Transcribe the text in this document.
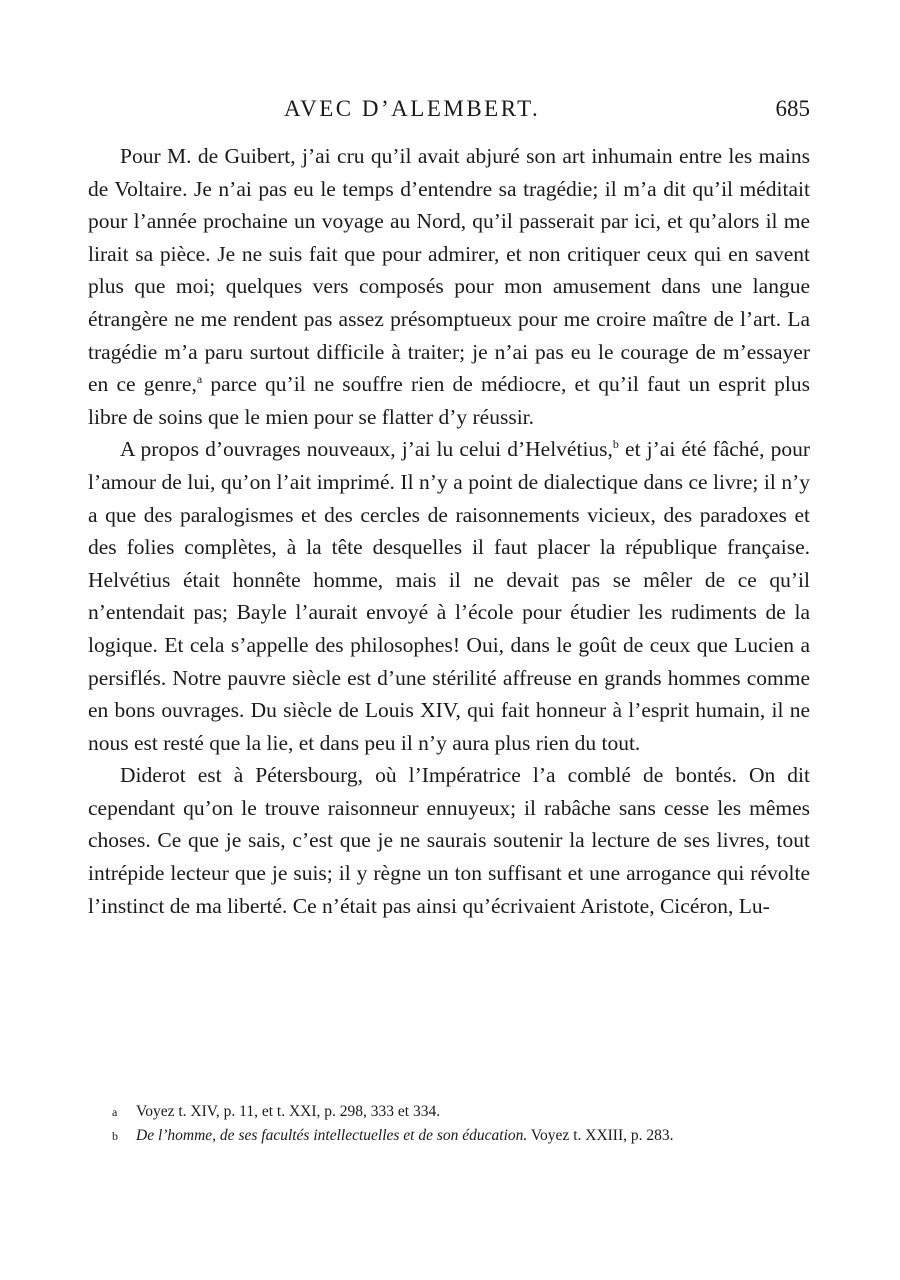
AVEC D’ALEMBERT.	685

Pour M. de Guibert, j’ai cru qu’il avait abjuré son art inhumain entre les mains de Voltaire. Je n’ai pas eu le temps d’entendre sa tragédie; il m’a dit qu’il méditait pour l’année prochaine un voyage au Nord, qu’il passerait par ici, et qu’alors il me lirait sa pièce. Je ne suis fait que pour admirer, et non critiquer ceux qui en savent plus que moi; quelques vers composés pour mon amusement dans une langue étrangère ne me rendent pas assez présomptueux pour me croire maître de l’art. La tragédie m’a paru surtout difficile à traiter; je n’ai pas eu le courage de m’essayer en ce genre,$^a$ parce qu’il ne souffre rien de médiocre, et qu’il faut un esprit plus libre de soins que le mien pour se flatter d’y réussir.

A propos d’ouvrages nouveaux, j’ai lu celui d’Helvétius,$^b$ et j’ai été fâché, pour l’amour de lui, qu’on l’ait imprimé. Il n’y a point de dialectique dans ce livre; il n’y a que des paralogismes et des cercles de raisonnements vicieux, des paradoxes et des folies complètes, à la tête desquelles il faut placer la république française. Helvétius était honnête homme, mais il ne devait pas se mêler de ce qu’il n’entendait pas; Bayle l’aurait envoyé à l’école pour étudier les rudiments de la logique. Et cela s’appelle des philosophes! Oui, dans le goût de ceux que Lucien a persiflés. Notre pauvre siècle est d’une stérilité affreuse en grands hommes comme en bons ouvrages. Du siècle de Louis XIV, qui fait honneur à l’esprit humain, il ne nous est resté que la lie, et dans peu il n’y aura plus rien du tout.

Diderot est à Pétersbourg, où l’Impératrice l’a comblé de bontés. On dit cependant qu’on le trouve raisonneur ennuyeux; il rabâche sans cesse les mêmes choses. Ce que je sais, c’est que je ne saurais soutenir la lecture de ses livres, tout intrépide lecteur que je suis; il y règne un ton suffisant et une arrogance qui révolte l’instinct de ma liberté. Ce n’était pas ainsi qu’écrivaient Aristote, Cicéron, Lu-

a Voyez t. XIV, p. 11, et t. XXI, p. 298, 333 et 334.
b De l’homme, de ses facultés intellectuelles et de son éducation. Voyez t. XXIII, p. 283.
